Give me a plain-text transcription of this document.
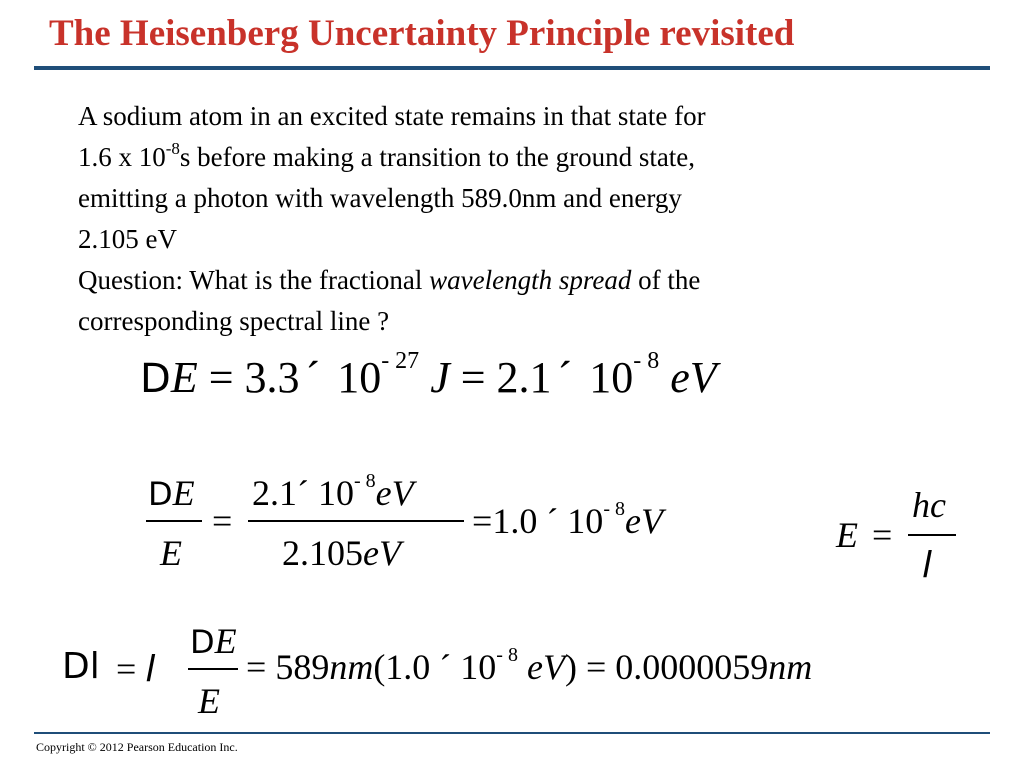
The Heisenberg Uncertainty Principle revisited

A sodium atom in an excited state remains in that state for

1.6 x $10^{-8}s$ before making a transition to the ground state,

emitting a photon with wavelength 589.0nm and energy

2.105 eV

Question: What is the fractional wavelength spread of the

corresponding spectral line ?

DE = 3.3 ´ $10^{- 27}$ J = 2.1 ´ $10^{- 8}$ eV
DE
E
=
2.1´ $10^{- 8}eV$
2.105eV
=1.0 ´ $10^{- 8}eV$	E =
hc
l
Dl = l
DE
E
= 589nm(1.0 ´ $10^{- 8}$ eV) = 0.0000059nm
Copyright © 2012 Pearson Education Inc.
